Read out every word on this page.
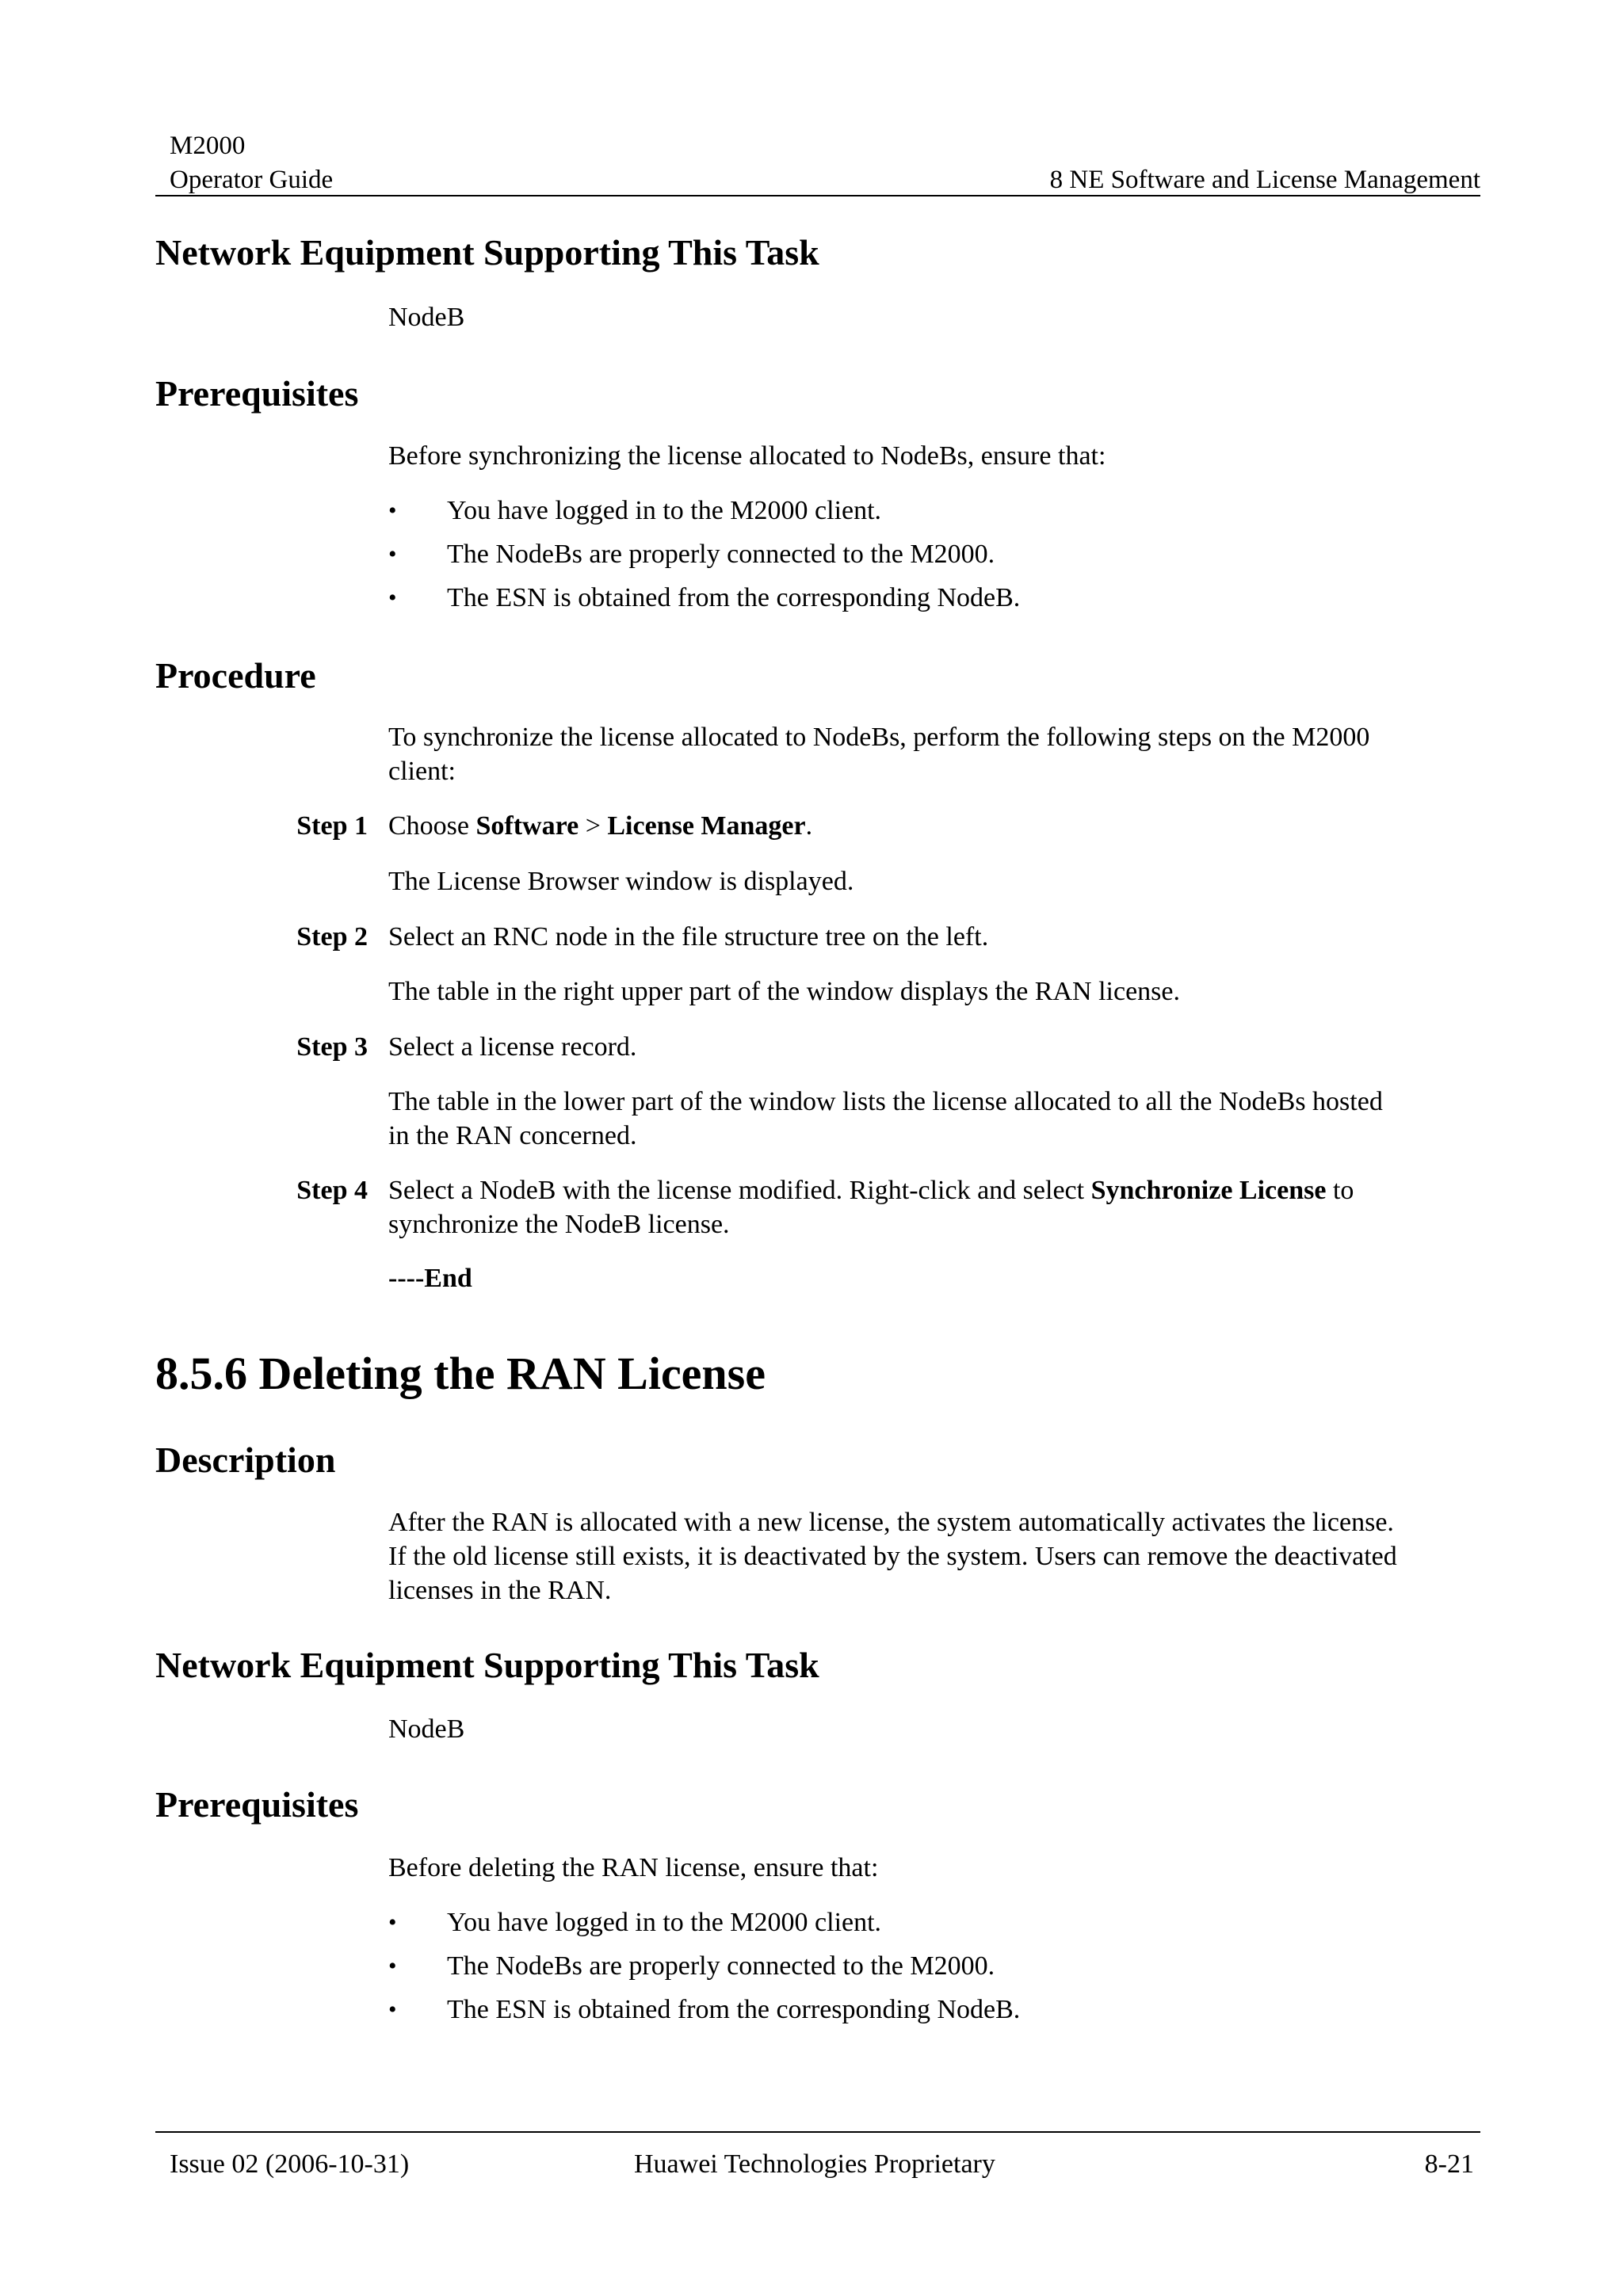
M2000
Operator Guide	8 NE Software and License Management
Network Equipment Supporting This Task

NodeB

Prerequisites

Before synchronizing the license allocated to NodeBs, ensure that:

•	You have logged in to the M2000 client.
•	The NodeBs are properly connected to the M2000.
•	The ESN is obtained from the corresponding NodeB.
Procedure

To synchronize the license allocated to NodeBs, perform the following steps on the M2000

client:

Step 1 Choose Software > License Manager.

The License Browser window is displayed.

Step 2 Select an RNC node in the file structure tree on the left.

The table in the right upper part of the window displays the RAN license.

Step 3 Select a license record.

The table in the lower part of the window lists the license allocated to all the NodeBs hosted

in the RAN concerned.

Step 4 Select a NodeB with the license modified. Right-click and select Synchronize License to

synchronize the NodeB license.

----End

8.5.6 Deleting the RAN License
Description

After the RAN is allocated with a new license, the system automatically activates the license.

If the old license still exists, it is deactivated by the system. Users can remove the deactivated

licenses in the RAN.

Network Equipment Supporting This Task

NodeB

Prerequisites

Before deleting the RAN license, ensure that:

•	You have logged in to the M2000 client.
•	The NodeBs are properly connected to the M2000.
•	The ESN is obtained from the corresponding NodeB.
Issue 02 (2006-10-31)	Huawei Technologies Proprietary	8-21
